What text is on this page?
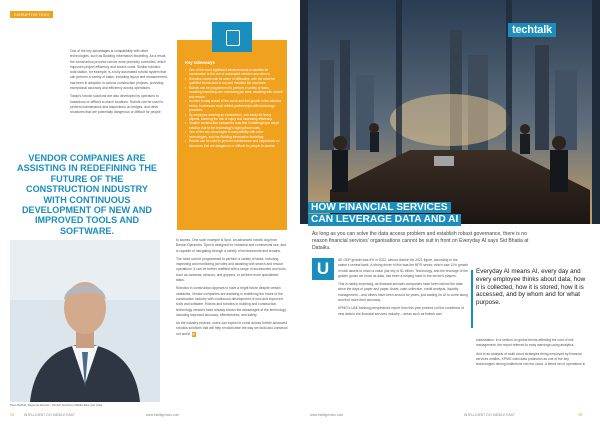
DISRUPTIVE TECH

One of the key advantages is compatibility with other technologies, such as Building Information Modelling. As a result, the construction process can be more precisely controlled, which improves project efficiency and lowers costs. Similar robotics: total station, for example, is a fully automated robotic system that can perform a variety of tasks, including layout and measurement, has been in adoption in various construction projects, providing exceptional accuracy and efficiency across operations.

Today's robotic solutions are also developed by operators to hazardous or difficult to reach locations. Robots can be used to perform maintenance and inspections on bridges, and other structures that are potentially dangerous or difficult for people

VENDOR COMPANIES ARE ASSISTING IN REDEFINING THE FUTURE OF THE CONSTRUCTION INDUSTRY WITH CONTINUOUS DEVELOPMENT OF NEW AND IMPROVED TOOLS AND SOFTWARE.
Key takeaways
• One of the most significant advancements in robotics for construction is the use of automated vehicles and drones.
• Robotics comes with its share of difficulties, with the need for qualified technicians to run and maintain the machines.
• Robots can be programmed to perform a variety of tasks, including inspecting and monitoring job sites, assisting with search and rescue.
• In order to stay ahead of the curve and fuel growth in the robotics sector, businesses must rethink partnerships with technology providers.
• By employee wearing an exoskeleton, can easily lift heavy objects, lowering the risk of injury and increasing efficiency.
• Smaller construction companies may find it challenging to adopt robotics due to the technology's high upfront costs.
• One of the key advantages is compatibility with other technologies, such as Building Information Modelling.
• Robots can be used to perform maintenance and inspections on structures that are dangerous or difficult for people to access.
Paul Mabbitt, Regional Director, Trimble Solutions Middle East and India

to access. One such example is Spot, an advanced robotic dog from Boston Dynamics. Spot is designed for industrial and commercial use, and is capable of navigating through a variety of environments and terrains.

The robot can be programmed to perform a variety of tasks, including inspecting and monitoring job sites and assisting with search and rescue operations. It can be further outfitted with a range of accessories and tools, such as cameras, sensors, and grippers, to perform more specialised tasks.

Robotics in construction appears to have a bright future despite certain obstacles. Vendor companies are assisting in redefining the future of the construction industry with continuous development of new and improved tools and software. Robots and robotics in building and construction, technology vendors have already shown the advantages of the technology, including improved accuracy, effectiveness, and safety.

As the industry evolves, users can expect to come across further advanced robotics solutions that will help revolutionise the way we build and construct our world. ▶

74	INTELLIGENT CIO MIDDLE EAST	www.intelligentcio.com
techtalk
HOW FINANCIAL SERVICES
CAN LEVERAGE DATA AND AI
As long as you can solve the data access problem and establish robust governance, there is no reason financial services' organisations cannot be suit in front on Everyday AI says Sid Bhatia at Dataiku.
U	AE GDP growth was 8% in 2022, almost double the 2021 figure, according to the nation's central bank. A strong driver of this was the BFSI sector, which saw 11% growth in total assets to reach a value just shy of $1 trillion. Technology, and the leverage of the golden goose we know as data, has been a helping hand to the sector's players.

This is hardly surprising, as financial services companies have been behind the data since the days of paper and paper. Asset, cash collection, credit analysis, liquidity management – and others have been around for years, just waiting for AI to come along and find more their accuracy.

KPMG's UAE banking perspectives report from this year pointed out the conditions of new data in the financial services industry – areas such as fintech and

Everyday AI means AI, every day and every employee thinks about data, how it is collected, how it is stored, how it is accessed, and by whom and for what purpose.

tokenisation. In a section on global trends affecting the cost of risk management, the report referred to early warnings using analytics.

And in an analysis of multi-cloud strategies being employed by financial services entities, KPMG cited data protection as one of the key technologies driving institutions into the cloud. A tiered set of operations in

www.intelligentcio.com	INTELLIGENT CIO MIDDLE EAST	75
